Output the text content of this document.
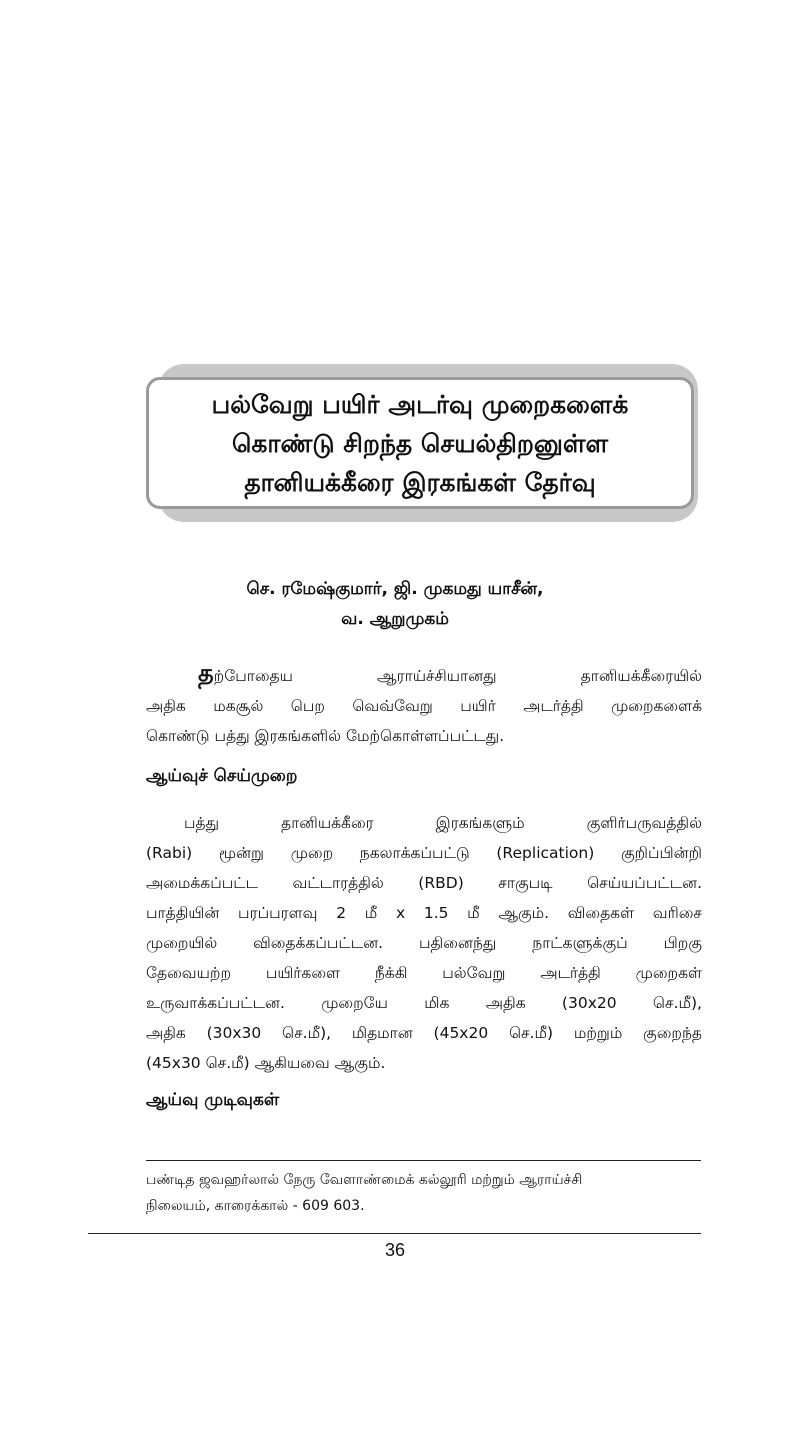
பல்வேறு பயிர் அடர்வு முறைகளைக்
கொண்டு சிறந்த செயல்திறனுள்ள
தானியக்கீரை இரகங்கள் தேர்வு
செ. ரமேஷ்குமார், ஜி. முகமது யாசீன்,
வ. ஆறுமுகம்
தற்போதைய ஆராய்ச்சியானது தானியக்கீரையில்
அதிக மகசூல் பெற வெவ்வேறு பயிர் அடர்த்தி முறைகளைக்
கொண்டு பத்து இரகங்களில் மேற்கொள்ளப்பட்டது.
ஆய்வுச் செய்முறை
பத்து தானியக்கீரை இரகங்களும் குளிர்பருவத்தில்
(Rabi) மூன்று முறை நகலாக்கப்பட்டு (Replication) குறிப்பின்றி
அமைக்கப்பட்ட வட்டாரத்தில் (RBD) சாகுபடி செய்யப்பட்டன.
பாத்தியின் பரப்பரளவு 2 மீ x 1.5 மீ ஆகும். விதைகள் வரிசை
முறையில் விதைக்கப்பட்டன. பதினைந்து நாட்களுக்குப் பிறகு
தேவையற்ற பயிர்களை நீக்கி பல்வேறு அடர்த்தி முறைகள்
உருவாக்கப்பட்டன. முறையே மிக அதிக (30x20 செ.மீ),
அதிக (30x30 செ.மீ), மிதமான (45x20 செ.மீ) மற்றும் குறைந்த
(45x30 செ.மீ) ஆகியவை ஆகும்.
ஆய்வு முடிவுகள்
பண்டித ஜவஹர்லால் நேரு வேளாண்மைக் கல்லூரி மற்றும் ஆராய்ச்சி
நிலையம், காரைக்கால் - 609 603.
36
